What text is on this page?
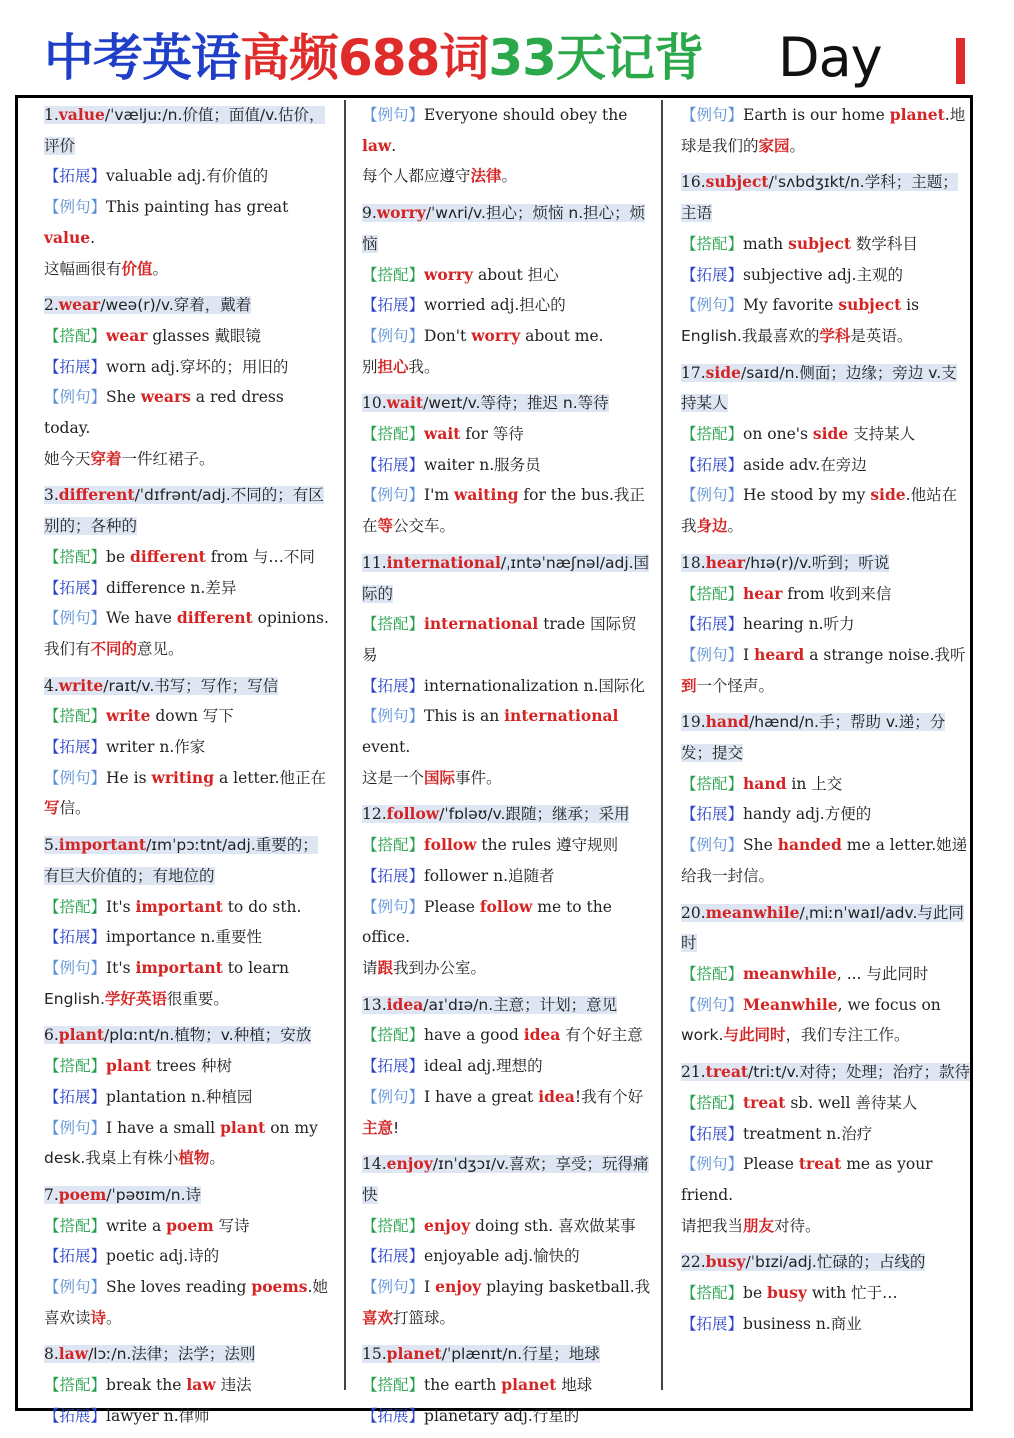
中考英语高频688词33天记背 Day
1.value/ˈvæljuː/n.价值；面值/v.估价，评价
【拓展】valuable adj.有价值的
【例句】This painting has great value.
这幅画很有价值。
2.wear/weə(r)/v.穿着，戴着
【搭配】wear glasses 戴眼镜
【拓展】worn adj.穿坏的；用旧的
【例句】She wears a red dress today.
她今天穿着一件红裙子。
3.different/ˈdɪfrənt/adj.不同的；有区别的；各种的
【搭配】be different from 与…不同
【拓展】difference n.差异
【例句】We have different opinions.
我们有不同的意见。
4.write/raɪt/v.书写；写作；写信
【搭配】write down 写下
【拓展】writer n.作家
【例句】He is writing a letter.他正在
写信。
5.important/ɪmˈpɔːtnt/adj.重要的；有巨大价值的；有地位的
【搭配】It's important to do sth.
【拓展】importance n.重要性
【例句】It's important to learn
English.学好英语很重要。
6.plant/plɑːnt/n.植物；v.种植；安放
【搭配】plant trees 种树
【拓展】plantation n.种植园
【例句】I have a small plant on my
desk.我桌上有株小植物。
7.poem/ˈpəʊɪm/n.诗
【搭配】write a poem 写诗
【拓展】poetic adj.诗的
【例句】She loves reading poems.她
喜欢读诗。
8.law/lɔː/n.法律；法学；法则
【搭配】break the law 违法
【拓展】lawyer n.律师
【例句】Everyone should obey the law.
每个人都应遵守法律。
9.worry/ˈwʌri/v.担心；烦恼 n.担心；烦恼
【搭配】worry about 担心
【拓展】worried adj.担心的
【例句】Don't worry about me.
别担心我。
10.wait/weɪt/v.等待；推迟 n.等待
【搭配】wait for 等待
【拓展】waiter n.服务员
【例句】I'm waiting for the bus.我正
在等公交车。
11.international/ˌɪntəˈnæʃnəl/adj.国际的
【搭配】international trade 国际贸易
【拓展】internationalization n.国际化
【例句】This is an international event.
这是一个国际事件。
12.follow/ˈfɒləʊ/v.跟随；继承；采用
【搭配】follow the rules 遵守规则
【拓展】follower n.追随者
【例句】Please follow me to the office.
请跟我到办公室。
13.idea/aɪˈdɪə/n.主意；计划；意见
【搭配】have a good idea 有个好主意
【拓展】ideal adj.理想的
【例句】I have a great idea!我有个好
主意!
14.enjoy/ɪnˈdʒɔɪ/v.喜欢；享受；玩得痛快
【搭配】enjoy doing sth. 喜欢做某事
【拓展】enjoyable adj.愉快的
【例句】I enjoy playing basketball.我
喜欢打篮球。
15.planet/ˈplænɪt/n.行星；地球
【搭配】the earth planet 地球
【拓展】planetary adj.行星的
【例句】Earth is our home planet.地
球是我们的家园。
16.subject/ˈsʌbdʒɪkt/n.学科；主题；主语
【搭配】math subject 数学科目
【拓展】subjective adj.主观的
【例句】My favorite subject is
English.我最喜欢的学科是英语。
17.side/saɪd/n.侧面；边缘；旁边 v.支持某人
【搭配】on one's side 支持某人
【拓展】aside adv.在旁边
【例句】He stood by my side.他站在
我身边。
18.hear/hɪə(r)/v.听到；听说
【搭配】hear from 收到来信
【拓展】hearing n.听力
【例句】I heard a strange noise.我听
到一个怪声。
19.hand/hænd/n.手；帮助 v.递；分发；提交
【搭配】hand in 上交
【拓展】handy adj.方便的
【例句】She handed me a letter.她递
给我一封信。
20.meanwhile/ˌmiːnˈwaɪl/adv.与此同时
【搭配】meanwhile, ... 与此同时
【例句】Meanwhile, we focus on
work.与此同时，我们专注工作。
21.treat/triːt/v.对待；处理；治疗；款待
【搭配】treat sb. well 善待某人
【拓展】treatment n.治疗
【例句】Please treat me as your friend.
请把我当朋友对待。
22.busy/ˈbɪzi/adj.忙碌的；占线的
【搭配】be busy with 忙于…
【拓展】business n.商业
